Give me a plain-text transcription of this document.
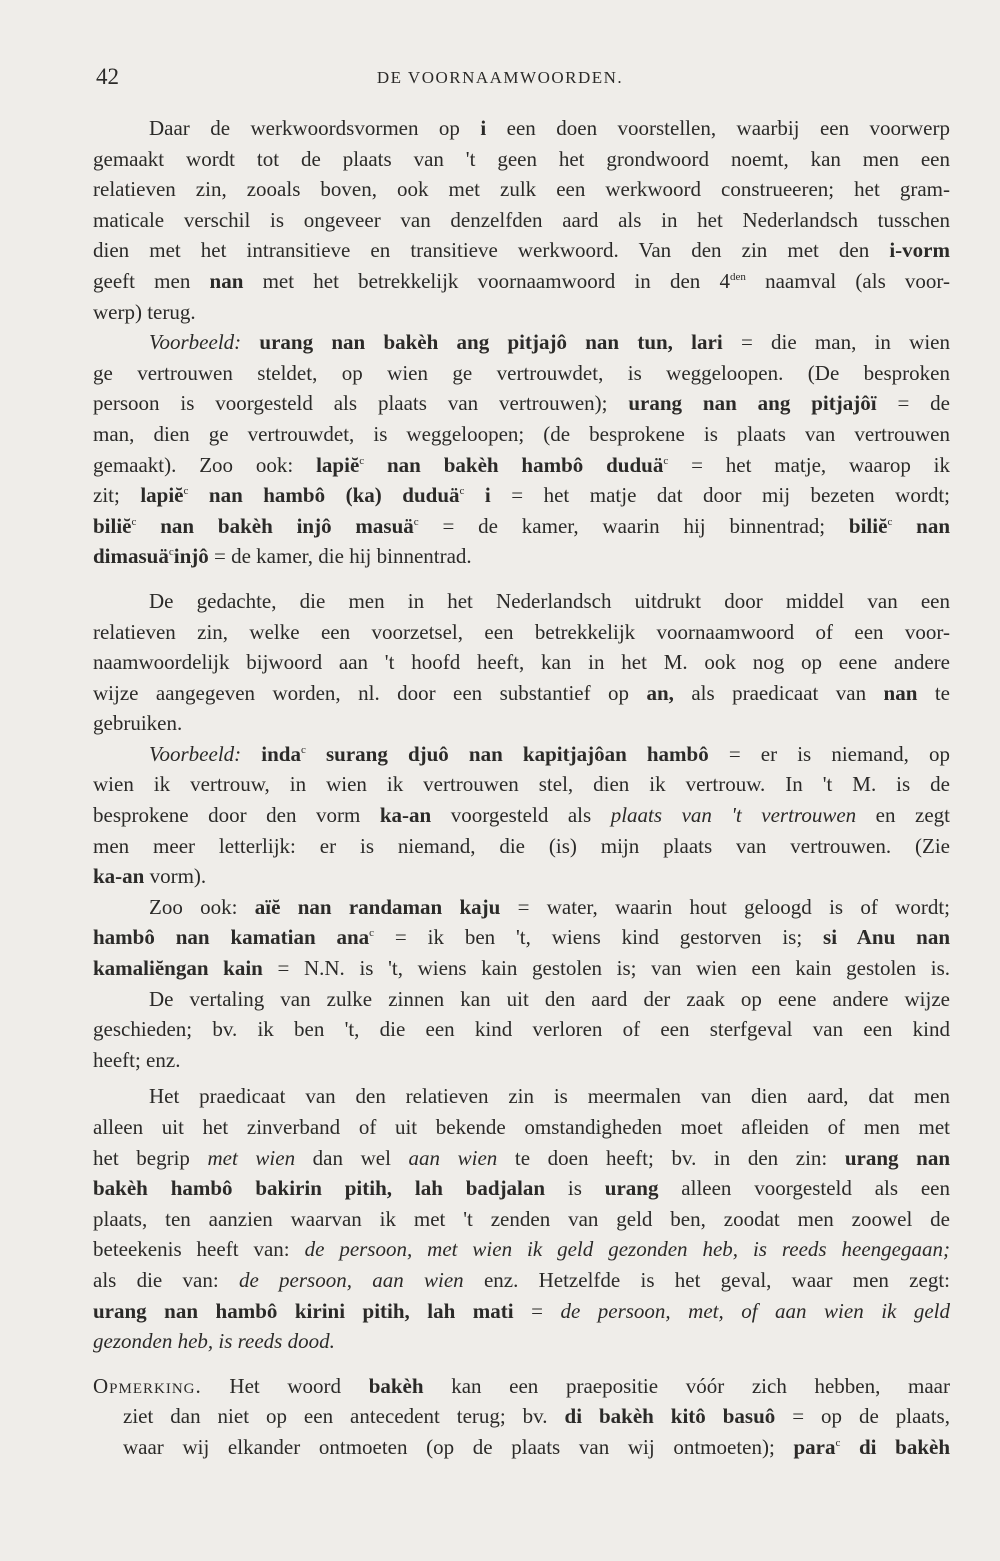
42	DE VOORNAAMWOORDEN.
Daar de werkwoordsvormen op i een doen voorstellen, waarbij een voorwerp
gemaakt wordt tot de plaats van 't geen het grondwoord noemt, kan men een
relatieven zin, zooals boven, ook met zulk een werkwoord construeeren; het gram-
maticale verschil is ongeveer van denzelfden aard als in het Nederlandsch tusschen
dien met het intransitieve en transitieve werkwoord. Van den zin met den i-vorm
geeft men nan met het betrekkelijk voornaamwoord in den $4^{den}$ naamval (als voor-
werp) terug.
Voorbeeld: urang nan bakèh ang pitjajô nan tun, lari = die man, in wien
ge vertrouwen steldet, op wien ge vertrouwdet, is weggeloopen. (De besproken
persoon is voorgesteld als plaats van vertrouwen); urang nan ang pitjajôï = de
man, dien ge vertrouwdet, is weggeloopen; (de besprokene is plaats van vertrouwen
gemaakt). Zoo ook: lapiĕ$^c$ nan bakèh hambô duduä$^c$ = het matje, waarop ik
zit; lapiĕ$^c$ nan hambô (ka) duduä$^c$ i = het matje dat door mij bezeten wordt;
biliĕ$^c$ nan bakèh injô masuä$^c$ = de kamer, waarin hij binnentrad; biliĕ$^c$ nan
dimasuä$^c$injô = de kamer, die hij binnentrad.
De gedachte, die men in het Nederlandsch uitdrukt door middel van een
relatieven zin, welke een voorzetsel, een betrekkelijk voornaamwoord of een voor-
naamwoordelijk bijwoord aan 't hoofd heeft, kan in het M. ook nog op eene andere
wijze aangegeven worden, nl. door een substantief op an, als praedicaat van nan te
gebruiken.
Voorbeeld: inda$^c$ surang djuô nan kapitjajôan hambô = er is niemand, op
wien ik vertrouw, in wien ik vertrouwen stel, dien ik vertrouw. In 't M. is de
besprokene door den vorm ka-an voorgesteld als plaats van 't vertrouwen en zegt
men meer letterlijk: er is niemand, die (is) mijn plaats van vertrouwen. (Zie
ka-an vorm).
Zoo ook: aïĕ nan randaman kaju = water, waarin hout geloogd is of wordt;
hambô nan kamatian ana$^c$ = ik ben 't, wiens kind gestorven is; si Anu nan
kamaliĕngan kain = N.N. is 't, wiens kain gestolen is; van wien een kain gestolen is.
De vertaling van zulke zinnen kan uit den aard der zaak op eene andere wijze
geschieden; bv. ik ben 't, die een kind verloren of een sterfgeval van een kind
heeft; enz.
Het praedicaat van den relatieven zin is meermalen van dien aard, dat men
alleen uit het zinverband of uit bekende omstandigheden moet afleiden of men met
het begrip met wien dan wel aan wien te doen heeft; bv. in den zin: urang nan
bakèh hambô bakirin pitih, lah badjalan is urang alleen voorgesteld als een
plaats, ten aanzien waarvan ik met 't zenden van geld ben, zoodat men zoowel de
beteekenis heeft van: de persoon, met wien ik geld gezonden heb, is reeds heengegaan;
als die van: de persoon, aan wien enz. Hetzelfde is het geval, waar men zegt:
urang nan hambô kirini pitih, lah mati = de persoon, met, of aan wien ik geld
gezonden heb, is reeds dood.
Opmerking. Het woord bakèh kan een praepositie vóór zich hebben, maar
ziet dan niet op een antecedent terug; bv. di bakèh kitô basuô = op de plaats,
waar wij elkander ontmoeten (op de plaats van wij ontmoeten); para$^c$ di bakèh
